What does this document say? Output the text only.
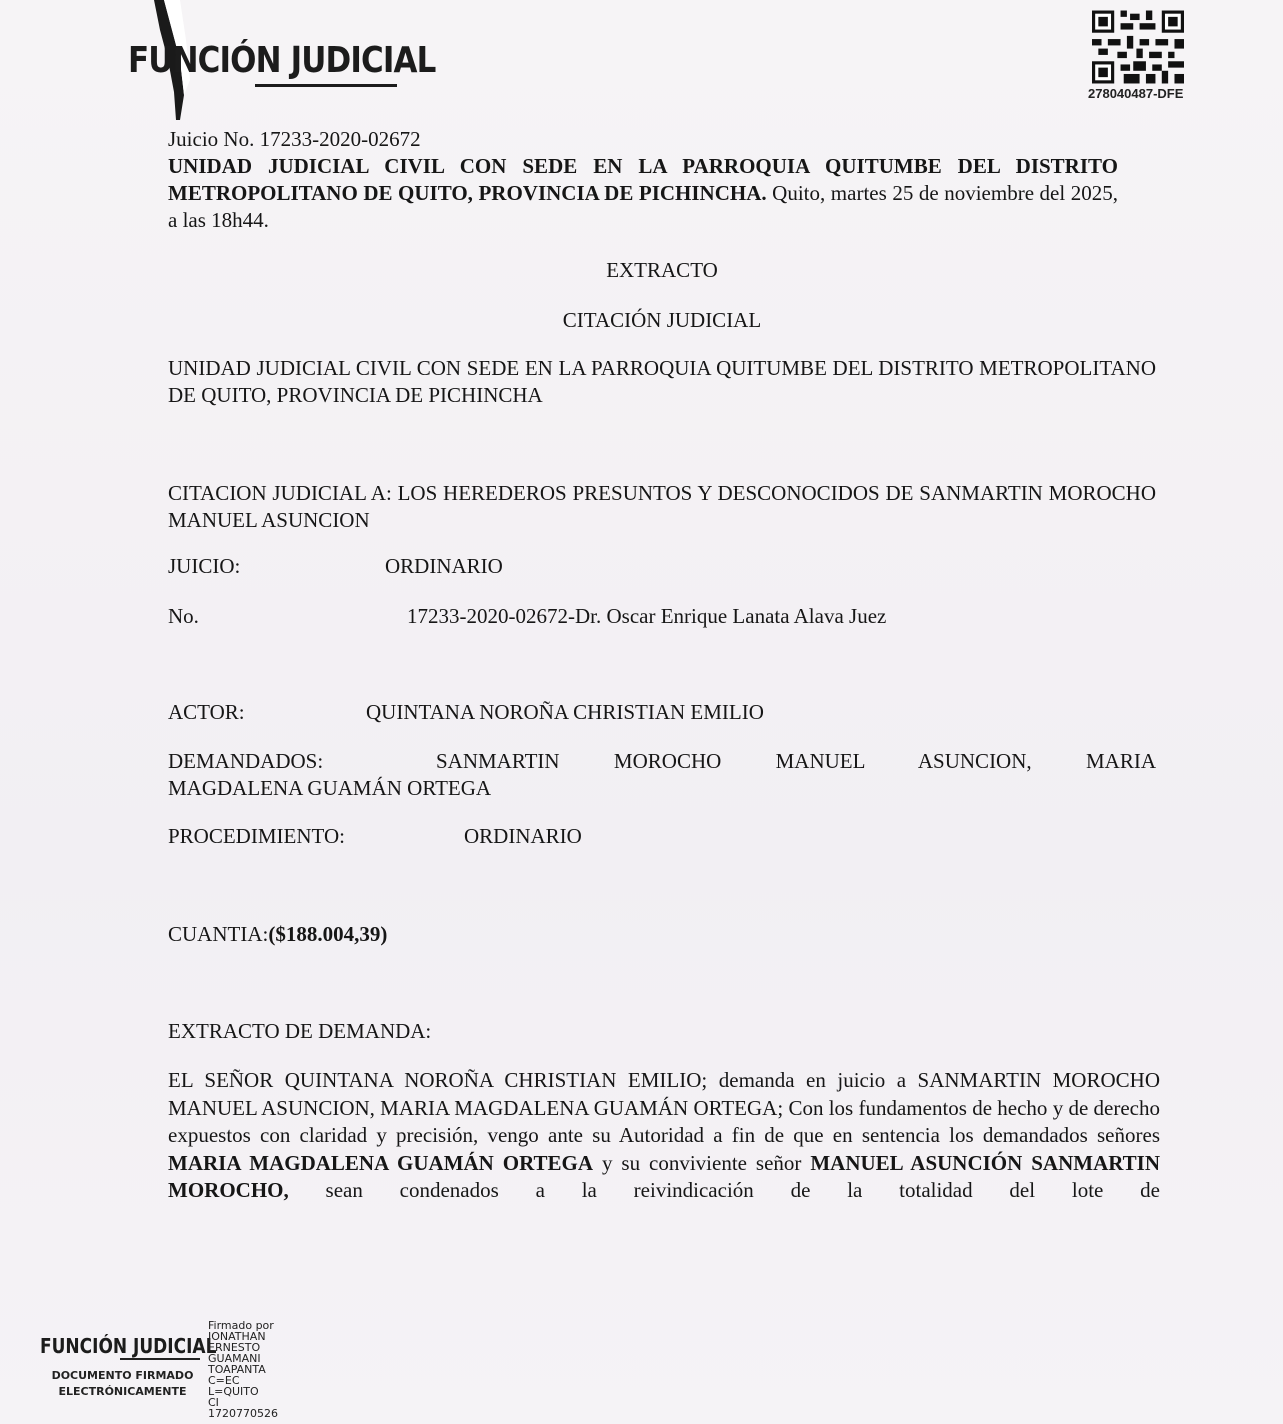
FUNCIÓN JUDICIAL
278040487-DFE
Juicio No. 17233-2020-02672
UNIDAD JUDICIAL CIVIL CON SEDE EN LA PARROQUIA QUITUMBE DEL DISTRITO METROPOLITANO DE QUITO, PROVINCIA DE PICHINCHA. Quito, martes 25 de noviembre del 2025, a las 18h44.
EXTRACTO
CITACIÓN JUDICIAL
UNIDAD JUDICIAL CIVIL CON SEDE EN LA PARROQUIA QUITUMBE DEL DISTRITO METROPOLITANO DE QUITO, PROVINCIA DE PICHINCHA
CITACION JUDICIAL A: LOS HEREDEROS PRESUNTOS Y DESCONOCIDOS DE SANMARTIN MOROCHO MANUEL ASUNCION
JUICIO:	ORDINARIO
No.	17233-2020-02672-Dr. Oscar Enrique Lanata Alava Juez
ACTOR:	QUINTANA NOROÑA CHRISTIAN EMILIO
DEMANDADOS:	SANMARTIN MOROCHO MANUEL ASUNCION, MARIA
MAGDALENA GUAMÁN ORTEGA
PROCEDIMIENTO:	ORDINARIO
CUANTIA:($188.004,39)
EXTRACTO DE DEMANDA:
EL SEÑOR QUINTANA NOROÑA CHRISTIAN EMILIO; demanda en juicio a SANMARTIN MOROCHO MANUEL ASUNCION, MARIA MAGDALENA GUAMÁN ORTEGA; Con los fundamentos de hecho y de derecho expuestos con claridad y precisión, vengo ante su Autoridad a fin de que en sentencia los demandados señores MARIA MAGDALENA GUAMÁN ORTEGA y su conviviente señor MANUEL ASUNCIÓN SANMARTIN MOROCHO, sean condenados a la reivindicación de la totalidad del lote de
FUNCIÓN JUDICIAL
DOCUMENTO FIRMADO
ELECTRÓNICAMENTE
Firmado por
JONATHAN
ERNESTO
GUAMANI
TOAPANTA
C=EC
L=QUITO
CI
1720770526
